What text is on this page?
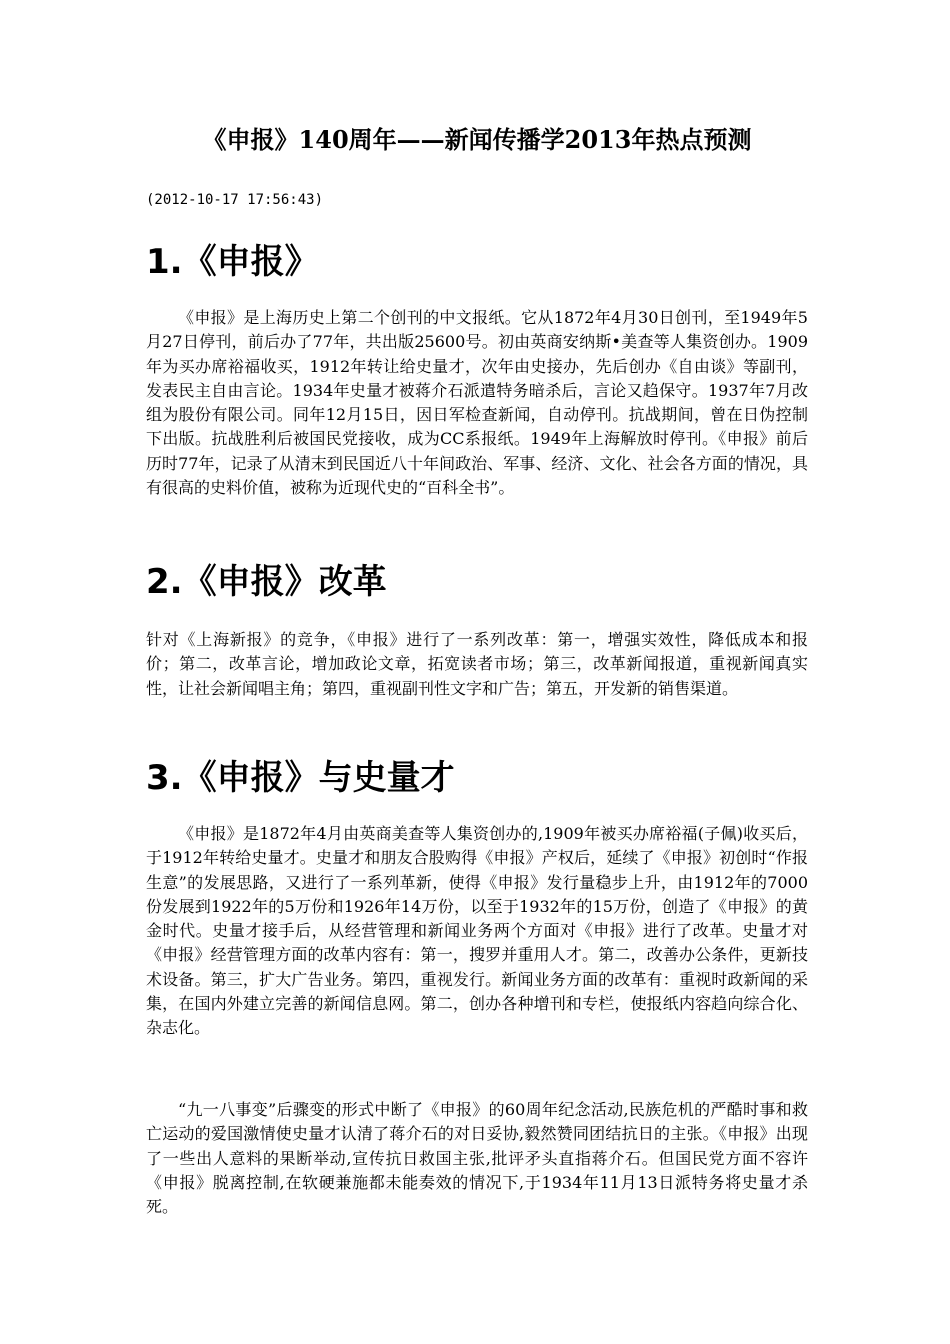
《申报》140周年——新闻传播学2013年热点预测
(2012-10-17 17:56:43)
1.《申报》

《申报》是上海历史上第二个创刊的中文报纸。它从1872年4月30日创刊，至1949年5月27日停刊，前后办了77年，共出版25600号。初由英商安纳斯•美查等人集资创办。1909年为买办席裕福收买，1912年转让给史量才，次年由史接办，先后创办《自由谈》等副刊，发表民主自由言论。1934年史量才被蒋介石派遣特务暗杀后，言论又趋保守。1937年7月改组为股份有限公司。同年12月15日，因日军检查新闻，自动停刊。抗战期间，曾在日伪控制下出版。抗战胜利后被国民党接收，成为CC系报纸。1949年上海解放时停刊。《申报》前后历时77年，记录了从清末到民国近八十年间政治、军事、经济、文化、社会各方面的情况，具有很高的史料价值，被称为近现代史的“百科全书”。

2.《申报》改革

针对《上海新报》的竞争，《申报》进行了一系列改革：第一，增强实效性，降低成本和报价；第二，改革言论，增加政论文章，拓宽读者市场；第三，改革新闻报道，重视新闻真实性，让社会新闻唱主角；第四，重视副刊性文字和广告；第五，开发新的销售渠道。

3.《申报》与史量才

《申报》是1872年4月由英商美查等人集资创办的,1909年被买办席裕福(子佩)收买后，于1912年转给史量才。史量才和朋友合股购得《申报》产权后，延续了《申报》初创时“作报生意”的发展思路，又进行了一系列革新，使得《申报》发行量稳步上升，由1912年的7000份发展到1922年的5万份和1926年14万份，以至于1932年的15万份，创造了《申报》的黄金时代。史量才接手后，从经营管理和新闻业务两个方面对《申报》进行了改革。史量才对《申报》经营管理方面的改革内容有：第一，搜罗并重用人才。第二，改善办公条件，更新技术设备。第三，扩大广告业务。第四，重视发行。新闻业务方面的改革有：重视时政新闻的采集，在国内外建立完善的新闻信息网。第二，创办各种增刊和专栏，使报纸内容趋向综合化、杂志化。

“九一八事变”后骤变的形式中断了《申报》的60周年纪念活动,民族危机的严酷时事和救亡运动的爱国激情使史量才认清了蒋介石的对日妥协,毅然赞同团结抗日的主张。《申报》出现了一些出人意料的果断举动,宣传抗日救国主张,批评矛头直指蒋介石。但国民党方面不容许《申报》脱离控制,在软硬兼施都未能奏效的情况下,于1934年11月13日派特务将史量才杀死。
